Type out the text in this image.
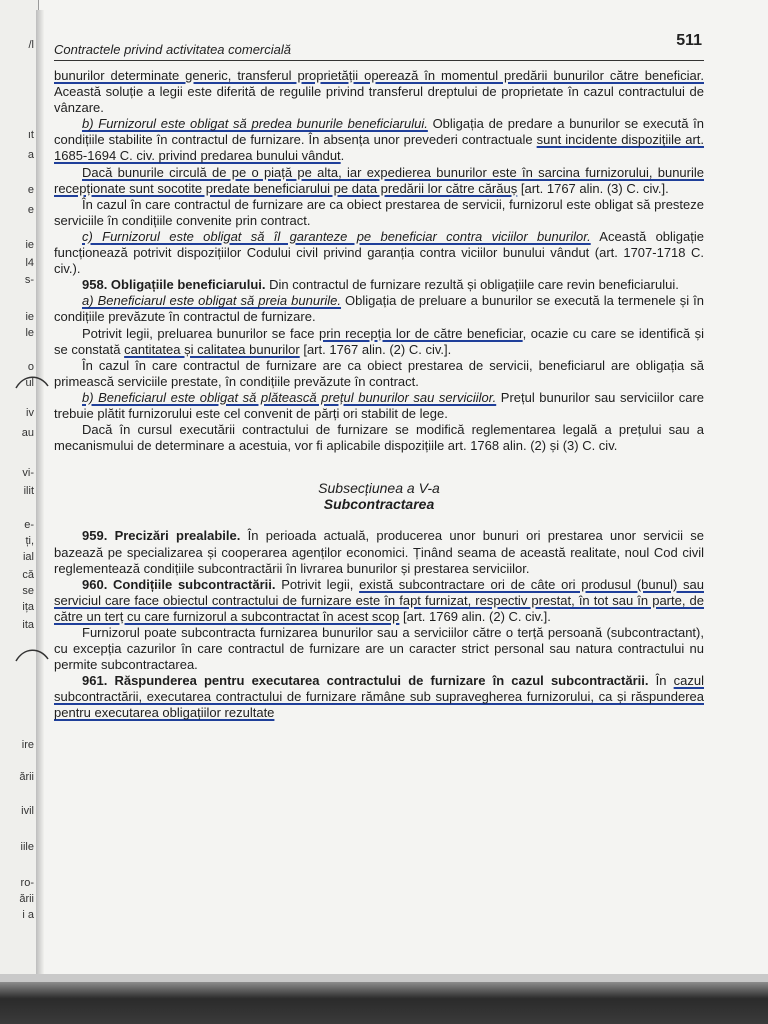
/l
ıt
a
e
e
ie
l4
s-
ie
le
o
ul
iv
au
vi-
ilit
e-
ți,
ial
că
se
ița
ita
ire
ării
ivil
iile
ro-
ării
i a
Contractele privind activitatea comercială
511

bunurilor determinate generic, transferul proprietății operează în momentul predării bunurilor către beneficiar. Această soluție a legii este diferită de regulile privind transferul dreptului de proprietate în cazul contractului de vânzare.

b) Furnizorul este obligat să predea bunurile beneficiarului. Obligația de predare a bunurilor se execută în condițiile stabilite în contractul de furnizare. În absența unor prevederi contractuale sunt incidente dispozițiile art. 1685-1694 C. civ. privind predarea bunului vândut.

Dacă bunurile circulă de pe o piață pe alta, iar expedierea bunurilor este în sarcina furnizorului, bunurile recepționate sunt socotite predate beneficiarului pe data predării lor către cărăuș [art. 1767 alin. (3) C. civ.].

În cazul în care contractul de furnizare are ca obiect prestarea de servicii, furnizorul este obligat să presteze serviciile în condițiile convenite prin contract.

c) Furnizorul este obligat să îl garanteze pe beneficiar contra viciilor bunurilor. Această obligație funcționează potrivit dispozițiilor Codului civil privind garanția contra viciilor bunului vândut (art. 1707-1718 C. civ.).

958. Obligațiile beneficiarului. Din contractul de furnizare rezultă și obligațiile care revin beneficiarului.

a) Beneficiarul este obligat să preia bunurile. Obligația de preluare a bunurilor se execută la termenele și în condițiile prevăzute în contractul de furnizare.

Potrivit legii, preluarea bunurilor se face prin recepția lor de către beneficiar, ocazie cu care se identifică și se constată cantitatea și calitatea bunurilor [art. 1767 alin. (2) C. civ.].

În cazul în care contractul de furnizare are ca obiect prestarea de servicii, beneficiarul are obligația să primească serviciile prestate, în condițiile prevăzute în contract.

b) Beneficiarul este obligat să plătească prețul bunurilor sau serviciilor. Prețul bunurilor sau serviciilor care trebuie plătit furnizorului este cel convenit de părți ori stabilit de lege.

Dacă în cursul executării contractului de furnizare se modifică reglementarea legală a prețului sau a mecanismului de determinare a acestuia, vor fi aplicabile dispozițiile art. 1768 alin. (2) și (3) C. civ.

Subsecțiunea a V-a
Subcontractarea

959. Precizări prealabile. În perioada actuală, producerea unor bunuri ori prestarea unor servicii se bazează pe specializarea și cooperarea agenților economici. Ținând seama de această realitate, noul Cod civil reglementează condițiile subcontractării în livrarea bunurilor și prestarea serviciilor.

960. Condițiile subcontractării. Potrivit legii, există subcontractare ori de câte ori produsul (bunul) sau serviciul care face obiectul contractului de furnizare este în fapt furnizat, respectiv prestat, în tot sau în parte, de către un terț cu care furnizorul a subcontractat în acest scop [art. 1769 alin. (2) C. civ.].

Furnizorul poate subcontracta furnizarea bunurilor sau a serviciilor către o terță persoană (subcontractant), cu excepția cazurilor în care contractul de furnizare are un caracter strict personal sau natura contractului nu permite subcontractarea.

961. Răspunderea pentru executarea contractului de furnizare în cazul subcontractării. În cazul subcontractării, executarea contractului de furnizare rămâne sub supravegherea furnizorului, ca și răspunderea pentru executarea obligațiilor rezultate
